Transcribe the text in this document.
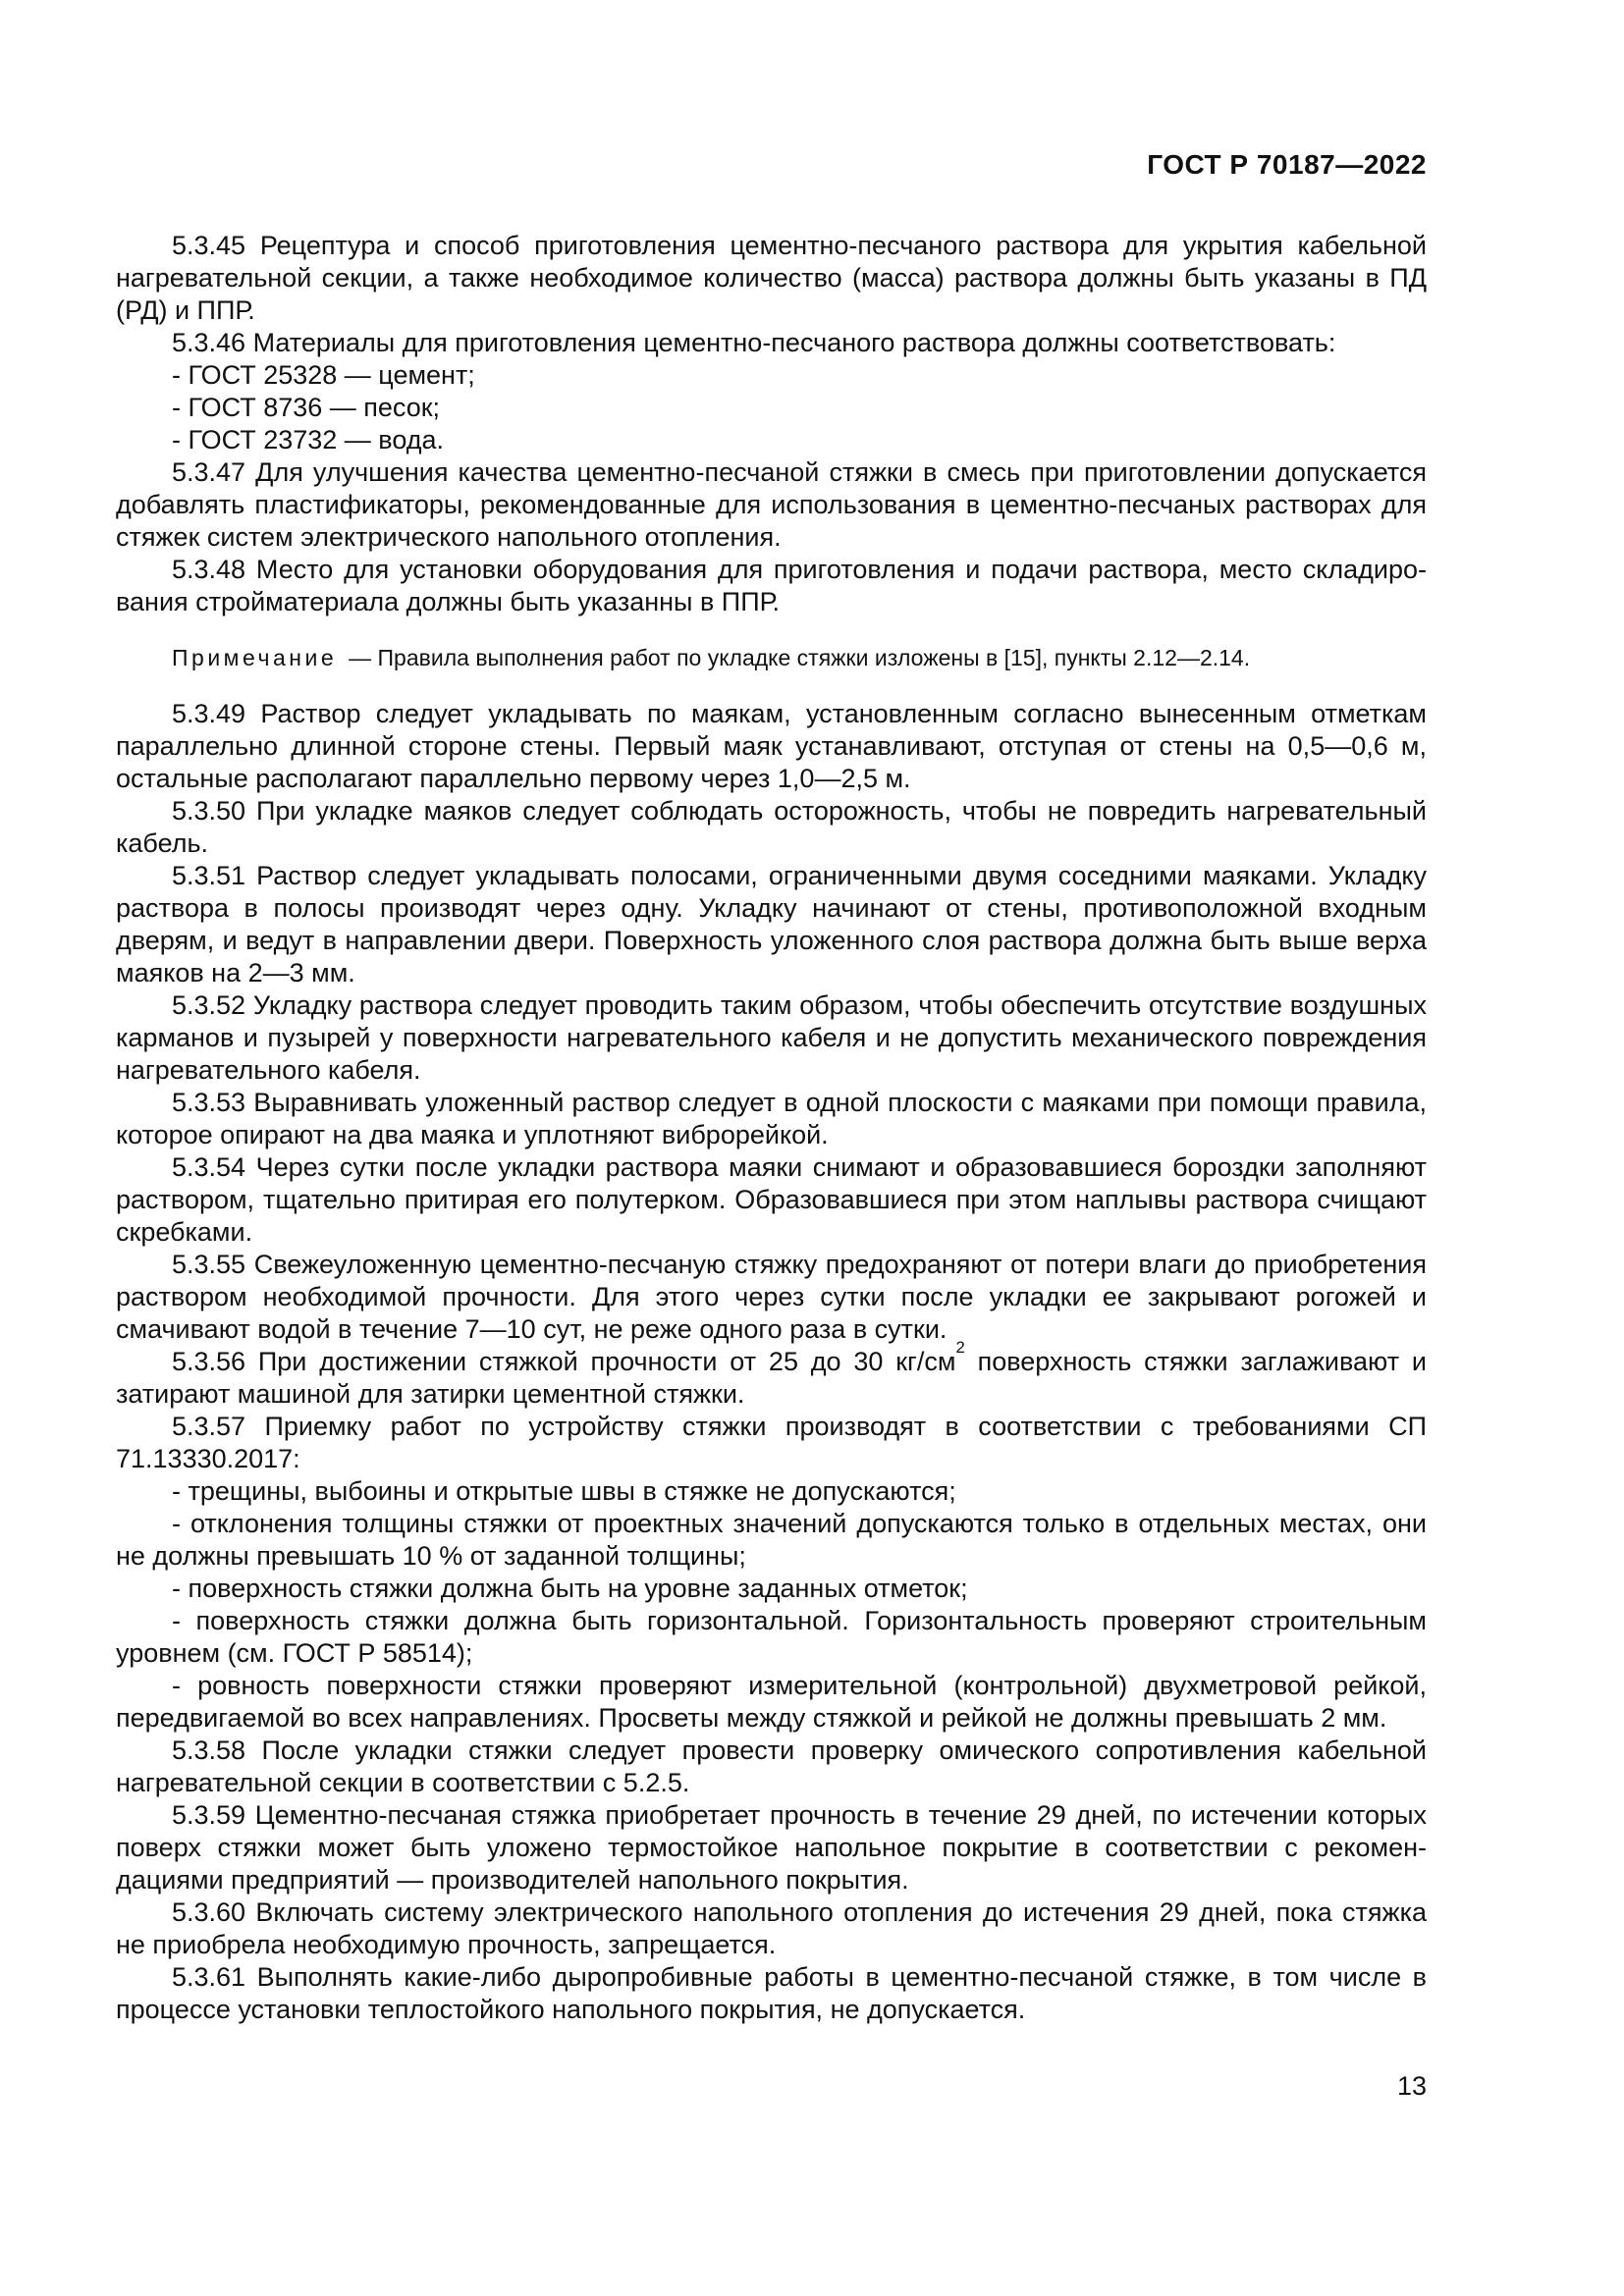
ГОСТ Р 70187—2022

5.3.45 Рецептура и способ приготовления цементно-песчаного раствора для укрытия кабельной нагревательной секции, а также необходимое количество (масса) раствора должны быть указаны в ПД (РД) и ППР.

5.3.46 Материалы для приготовления цементно-песчаного раствора должны соответствовать:

- ГОСТ 25328 — цемент;

- ГОСТ 8736 — песок;

- ГОСТ 23732 — вода.

5.3.47 Для улучшения качества цементно-песчаной стяжки в смесь при приготовлении допускается добавлять пластификаторы, рекомендованные для использования в цементно-песчаных растворах для стяжек систем электрического напольного отопления.

5.3.48 Место для установки оборудования для приготовления и подачи раствора, место складирования стройматериала должны быть указанны в ППР.

Примечание — Правила выполнения работ по укладке стяжки изложены в [15], пункты 2.12—2.14.

5.3.49 Раствор следует укладывать по маякам, установленным согласно вынесенным отметкам параллельно длинной стороне стены. Первый маяк устанавливают, отступая от стены на 0,5—0,6 м, остальные располагают параллельно первому через 1,0—2,5 м.

5.3.50 При укладке маяков следует соблюдать осторожность, чтобы не повредить нагревательный кабель.

5.3.51 Раствор следует укладывать полосами, ограниченными двумя соседними маяками. Укладку раствора в полосы производят через одну. Укладку начинают от стены, противоположной входным дверям, и ведут в направлении двери. Поверхность уложенного слоя раствора должна быть выше верха маяков на 2—3 мм.

5.3.52 Укладку раствора следует проводить таким образом, чтобы обеспечить отсутствие воздушных карманов и пузырей у поверхности нагревательного кабеля и не допустить механического повреждения нагревательного кабеля.

5.3.53 Выравнивать уложенный раствор следует в одной плоскости с маяками при помощи правила, которое опирают на два маяка и уплотняют виброрейкой.

5.3.54 Через сутки после укладки раствора маяки снимают и образовавшиеся бороздки заполняют раствором, тщательно притирая его полутерком. Образовавшиеся при этом наплывы раствора счищают скребками.

5.3.55 Свежеуложенную цементно-песчаную стяжку предохраняют от потери влаги до приобретения раствором необходимой прочности. Для этого через сутки после укладки ее закрывают рогожей и смачивают водой в течение 7—10 сут, не реже одного раза в сутки.

5.3.56 При достижении стяжкой прочности от 25 до 30 $кг/см^2$ поверхность стяжки заглаживают и затирают машиной для затирки цементной стяжки.

5.3.57 Приемку работ по устройству стяжки производят в соответствии с требованиями СП 71.13330.2017:

- трещины, выбоины и открытые швы в стяжке не допускаются;

- отклонения толщины стяжки от проектных значений допускаются только в отдельных местах, они не должны превышать 10 % от заданной толщины;

- поверхность стяжки должна быть на уровне заданных отметок;

- поверхность стяжки должна быть горизонтальной. Горизонтальность проверяют строительным уровнем (см. ГОСТ Р 58514);

- ровность поверхности стяжки проверяют измерительной (контрольной) двухметровой рейкой, передвигаемой во всех направлениях. Просветы между стяжкой и рейкой не должны превышать 2 мм.

5.3.58 После укладки стяжки следует провести проверку омического сопротивления кабельной нагревательной секции в соответствии с 5.2.5.

5.3.59 Цементно-песчаная стяжка приобретает прочность в течение 29 дней, по истечении которых поверх стяжки может быть уложено термостойкое напольное покрытие в соответствии с рекомендациями предприятий — производителей напольного покрытия.

5.3.60 Включать систему электрического напольного отопления до истечения 29 дней, пока стяжка не приобрела необходимую прочность, запрещается.

5.3.61 Выполнять какие-либо дыропробивные работы в цементно-песчаной стяжке, в том числе в процессе установки теплостойкого напольного покрытия, не допускается.

13
